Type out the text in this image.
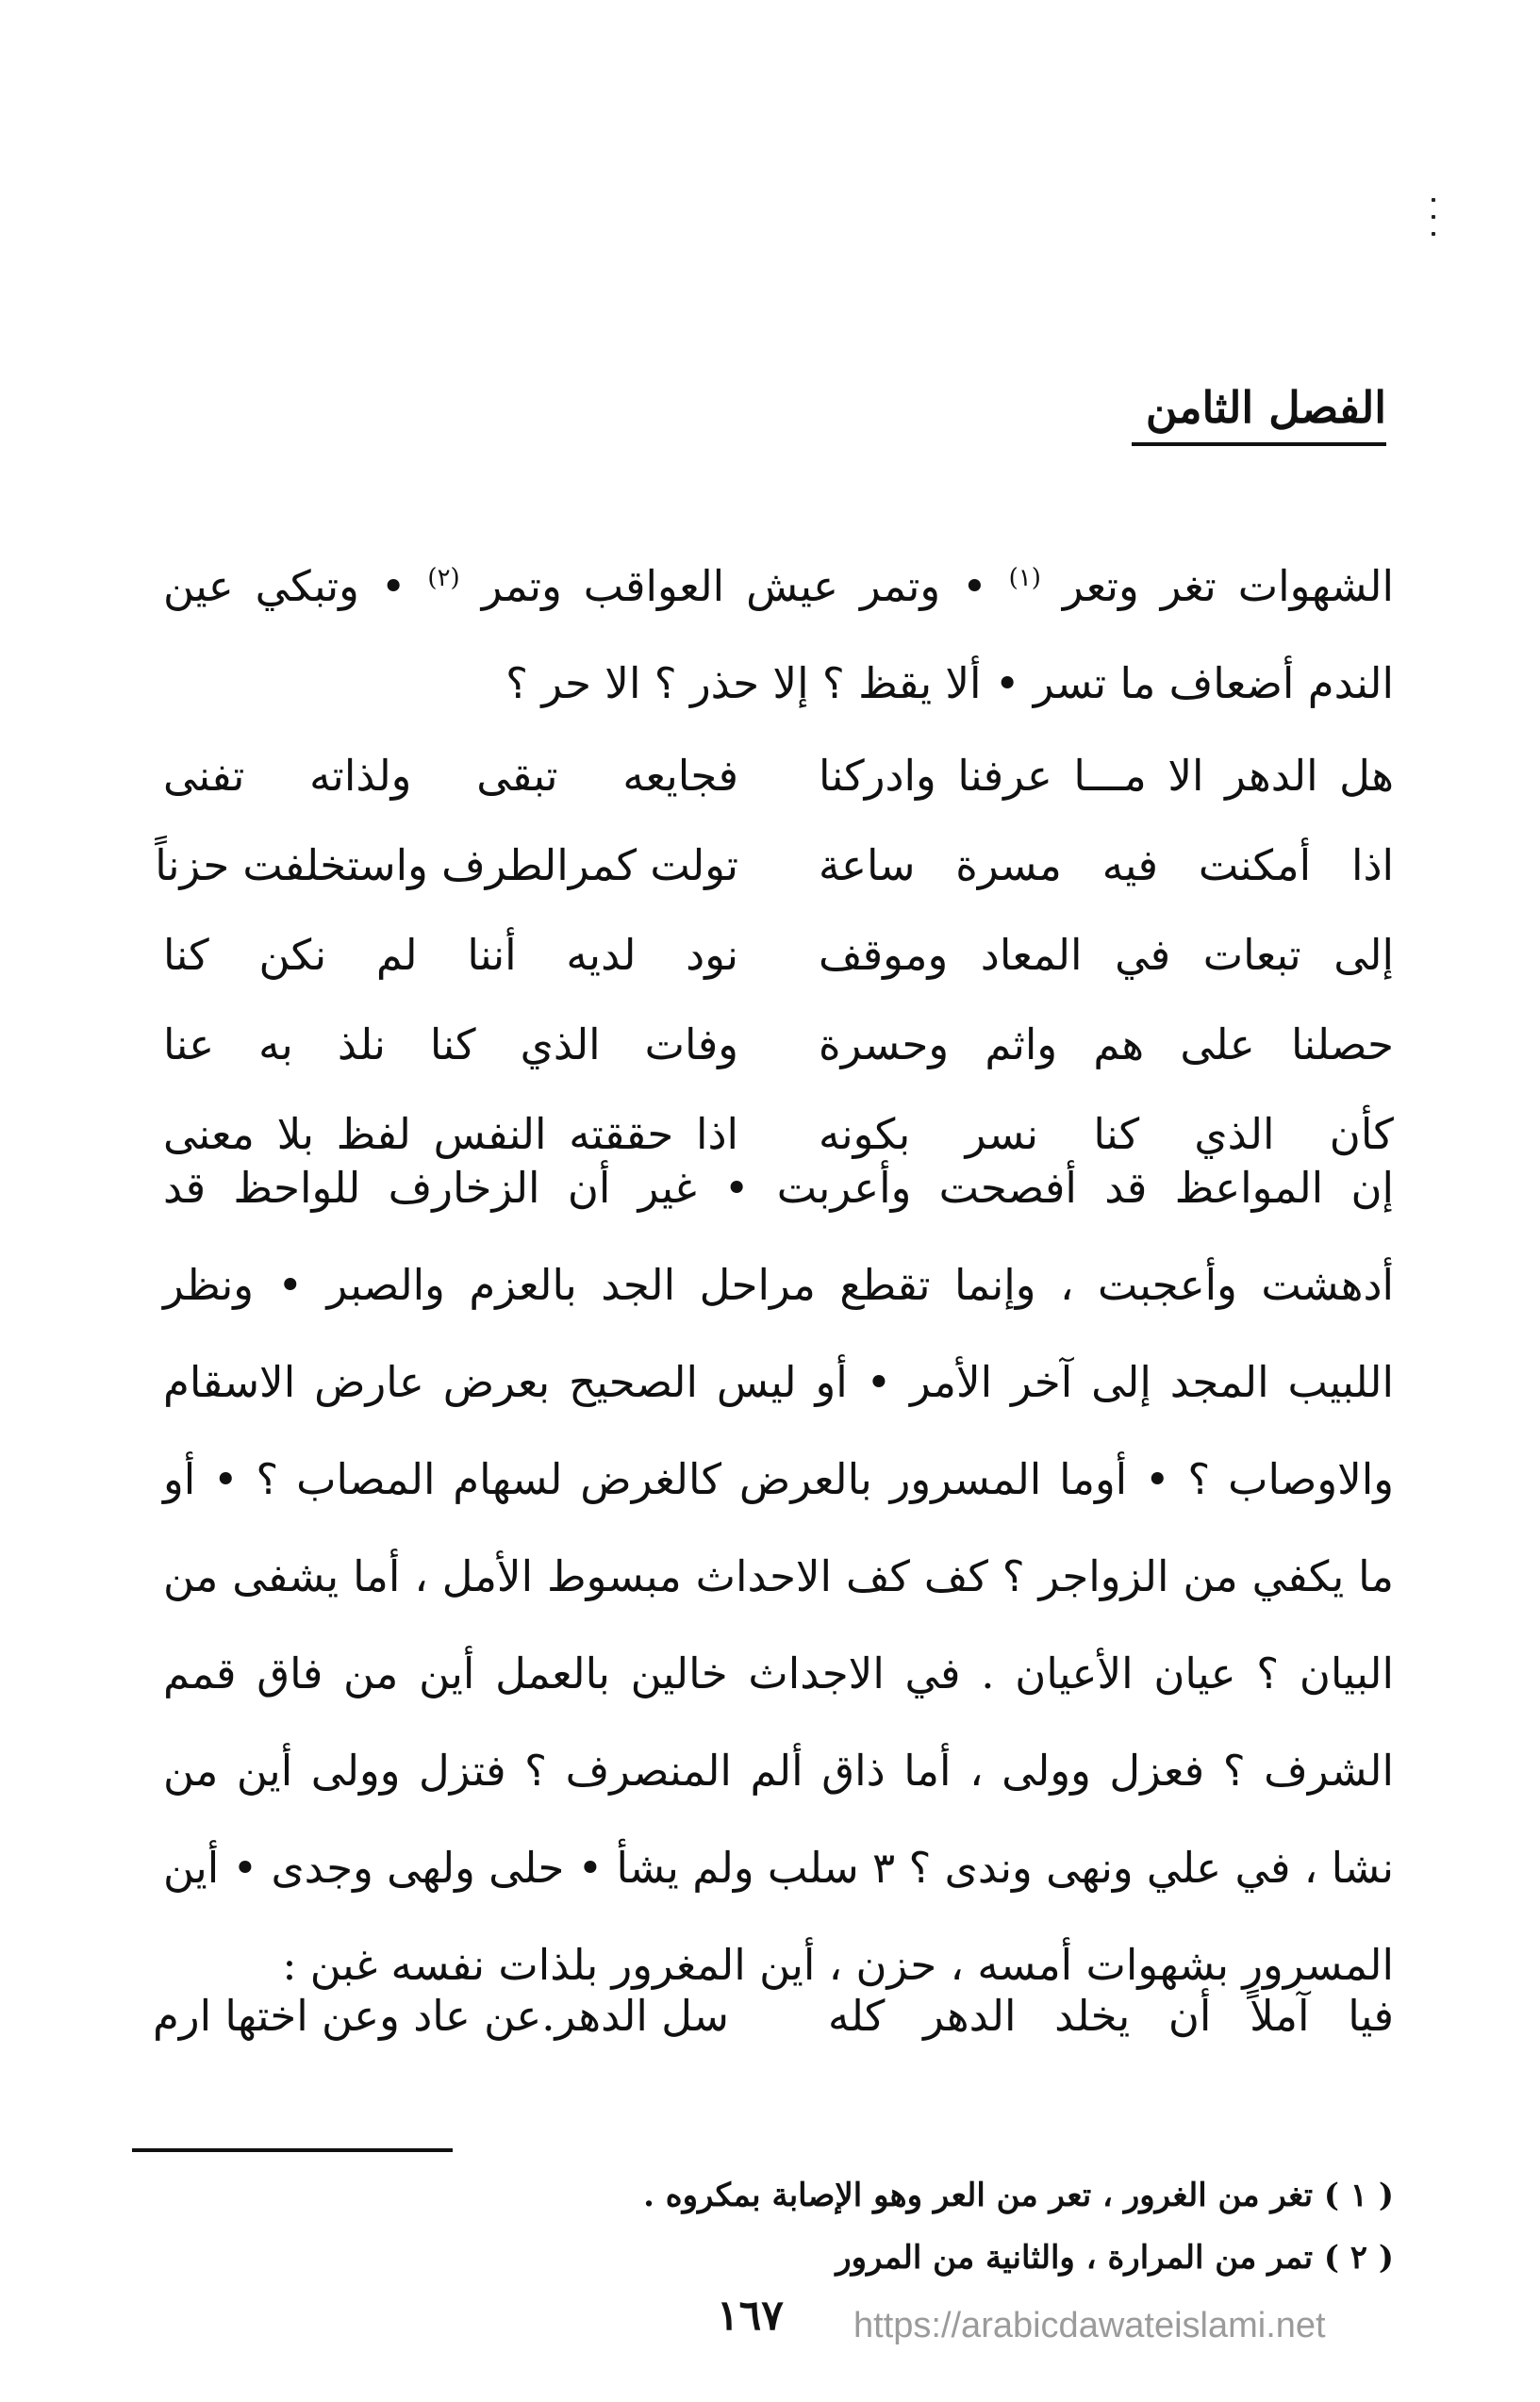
الفصل الثامن

الشهوات تغر وتعر $^{(١)}$ • وتمر عيش العواقب وتمر $^{(٢)}$ • وتبكي عين الندم أضعاف ما تسر • ألا يقظ ؟ إلا حذر ؟ الا حر ؟

هل الدهر الا مـــا عرفنا وادركنا
فجايعه تبقى ولذاته تفنى
اذا أمكنت فيه مسرة ساعة
تولت كمرالطرف واستخلفت حزناً
إلى تبعات في المعاد وموقف
نود لديه أننا لم نكن كنا
حصلنا على هم واثم وحسرة
وفات الذي كنا نلذ به عنا
كأن الذي كنا نسر بكونه
اذا حققته النفس لفظ بلا معنى

إن المواعظ قد أفصحت وأعربت • غير أن الزخارف للواحظ قد أدهشت وأعجبت ، وإنما تقطع مراحل الجد بالعزم والصبر • ونظر اللبيب المجد إلى آخر الأمر • أو ليس الصحيح بعرض عارض الاسقام والاوصاب ؟ • أوما المسرور بالعرض كالغرض لسهام المصاب ؟ • أو ما يكفي من الزواجر ؟ كف كف الاحداث مبسوط الأمل ، أما يشفى من البيان ؟ عيان الأعيان . في الاجداث خالين بالعمل أين من فاق قمم الشرف ؟ فعزل وولى ، أما ذاق ألم المنصرف ؟ فتزل وولى أين من نشا ، في علي ونهى وندى ؟ ٣ سلب ولم يشأ • حلى ولهى وجدى • أين المسرور بشهوات أمسه ، حزن ، أين المغرور بلذات نفسه غبن :

فيا آملاً أن يخلد الدهر كله
سل الدهر.عن عاد وعن اختها ارم

( ١ ) تغر من الغرور ، تعر من العر وهو الإصابة بمكروه .

( ٢ ) تمر من المرارة ، والثانية من المرور

١٦٧ https://arabicdawateislami.net
